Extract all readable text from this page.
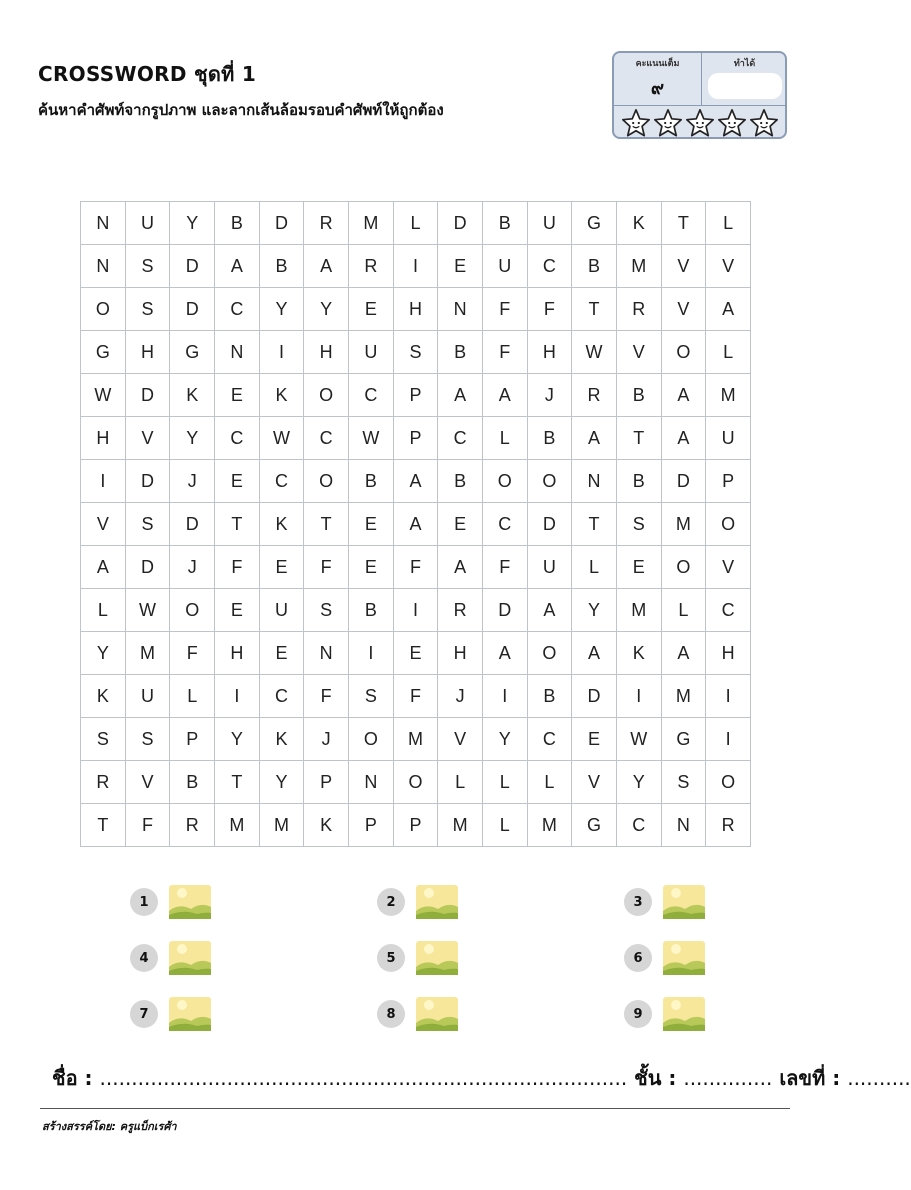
CROSSWORD ชุดที่ 1
ค้นหาคำศัพท์จากรูปภาพ และลากเส้นล้อมรอบคำศัพท์ให้ถูกต้อง
คะแนนเต็ม
๙
ทำได้
N	U	Y	B	D	R	M	L	D	B	U	G	K	T	L
N	S	D	A	B	A	R	I	E	U	C	B	M	V	V
O	S	D	C	Y	Y	E	H	N	F	F	T	R	V	A
G	H	G	N	I	H	U	S	B	F	H	W	V	O	L
W	D	K	E	K	O	C	P	A	A	J	R	B	A	M
H	V	Y	C	W	C	W	P	C	L	B	A	T	A	U
I	D	J	E	C	O	B	A	B	O	O	N	B	D	P
V	S	D	T	K	T	E	A	E	C	D	T	S	M	O
A	D	J	F	E	F	E	F	A	F	U	L	E	O	V
L	W	O	E	U	S	B	I	R	D	A	Y	M	L	C
Y	M	F	H	E	N	I	E	H	A	O	A	K	A	H
K	U	L	I	C	F	S	F	J	I	B	D	I	M	I
S	S	P	Y	K	J	O	M	V	Y	C	E	W	G	I
R	V	B	T	Y	P	N	O	L	L	L	V	Y	S	O
T	F	R	M	M	K	P	P	M	L	M	G	C	N	R
1	2	3
4	5	6
7	8	9
ชื่อ : ................................................................................... ชั้น : .............. เลขที่ : ..........
สร้างสรรค์โดย: ครูแบ็กเรศ้า
